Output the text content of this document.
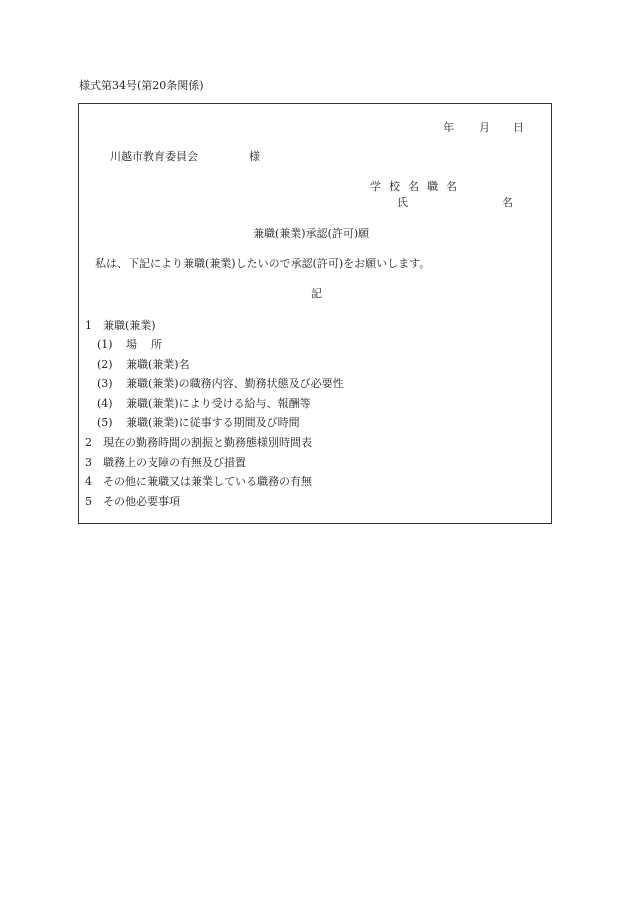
様式第34号(第20条関係)
年 月 日
川越市教育委員会	様
学校名職名
氏	名
兼職(兼業)承認(許可)願
私は、下記により兼職(兼業)したいので承認(許可)をお願いします。
記
1　兼職(兼業)
(1) 場所
(2) 兼職(兼業)名
(3) 兼職(兼業)の職務内容、勤務状態及び必要性
(4) 兼職(兼業)により受ける給与、報酬等
(5) 兼職(兼業)に従事する期間及び時間
2　現在の勤務時間の割振と勤務態様別時間表
3　職務上の支障の有無及び措置
4　その他に兼職又は兼業している職務の有無
5　その他必要事項
